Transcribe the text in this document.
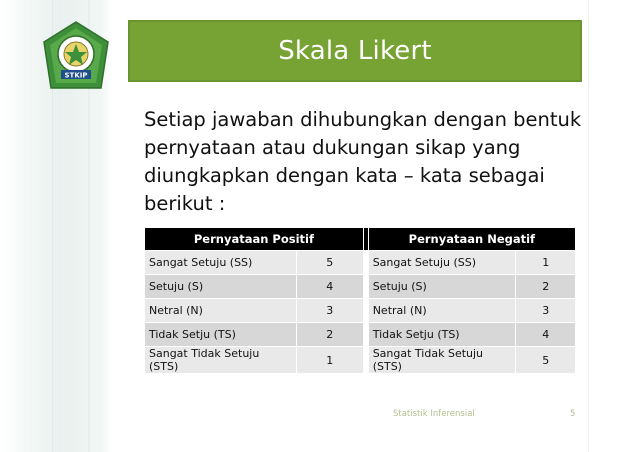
STKIP
Skala Likert
Setiap jawaban dihubungkan dengan bentuk pernyataan atau dukungan sikap yang diungkapkan dengan kata – kata sebagai berikut :
Pernyataan Positif			Pernyataan Negatif	
Sangat Setuju (SS)	5		Sangat Setuju (SS)	1
Setuju (S)	4		Setuju (S)	2
Netral (N)	3		Netral (N)	3
Tidak Setju (TS)	2		Tidak Setju (TS)	4
Sangat Tidak Setuju (STS)	1		Sangat Tidak Setuju (STS)	5
Statistik Inferensial	5
